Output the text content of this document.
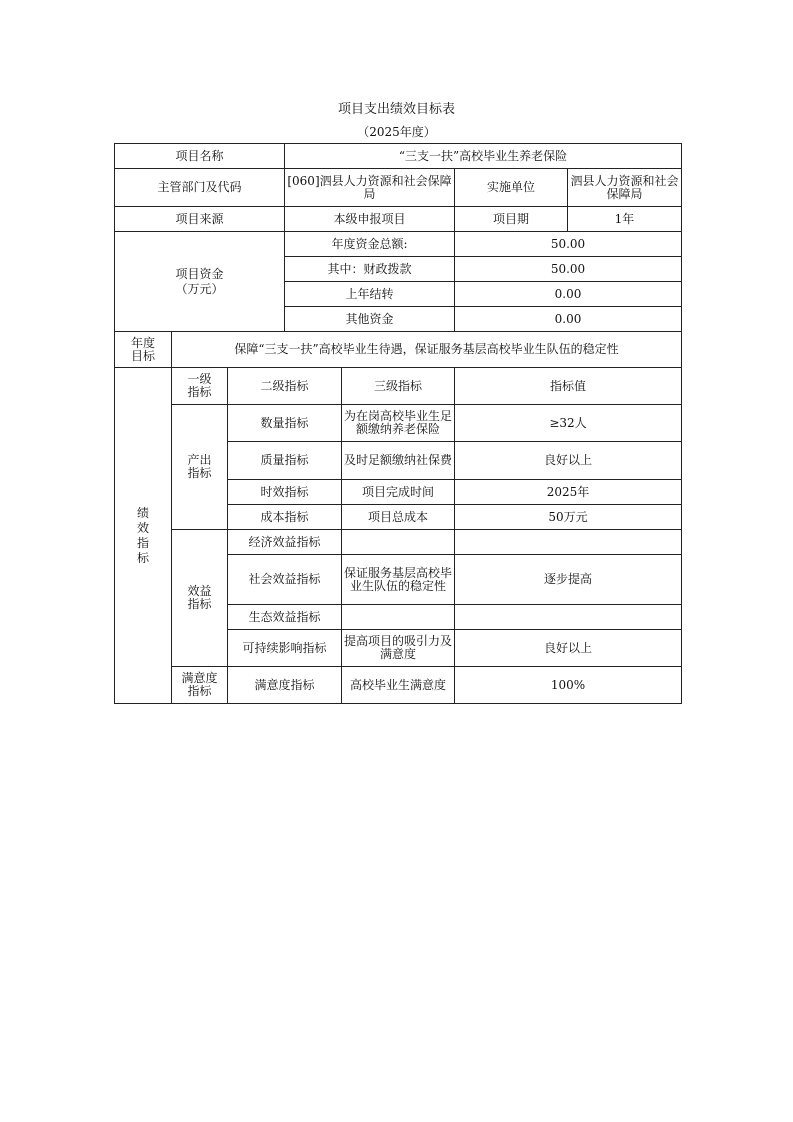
项目支出绩效目标表
（2025年度）
项目名称			“三支一扶”高校毕业生养老保险			
主管部门及代码			[060]泗县人力资源和社会保障局		实施单位	泗县人力资源和社会保障局
项目来源			本级申报项目		项目期	1年

项目资金（万元）			年度资金总额:		50.00	
			其中：财政拨款		50.00	
			上年结转		0.00	
			其他资金		0.00	

年度目标	保障“三支一扶”高校毕业生待遇，保证服务基层高校毕业生队伍的稳定性					
绩效指标	一级指标	二级指标		三级指标	指标值	

	产出指标	数量指标		为在岗高校毕业生足额缴纳养老保险	≥32人	
		质量指标		及时足额缴纳社保费	良好以上	
		时效指标		项目完成时间	2025年	
		成本指标		项目总成本	50万元	

	效益指标	经济效益指标				
		社会效益指标		保证服务基层高校毕业生队伍的稳定性	逐步提高	
		生态效益指标				
		可持续影响指标		提高项目的吸引力及满意度	良好以上	

	满意度指标	满意度指标		高校毕业生满意度	100%	
